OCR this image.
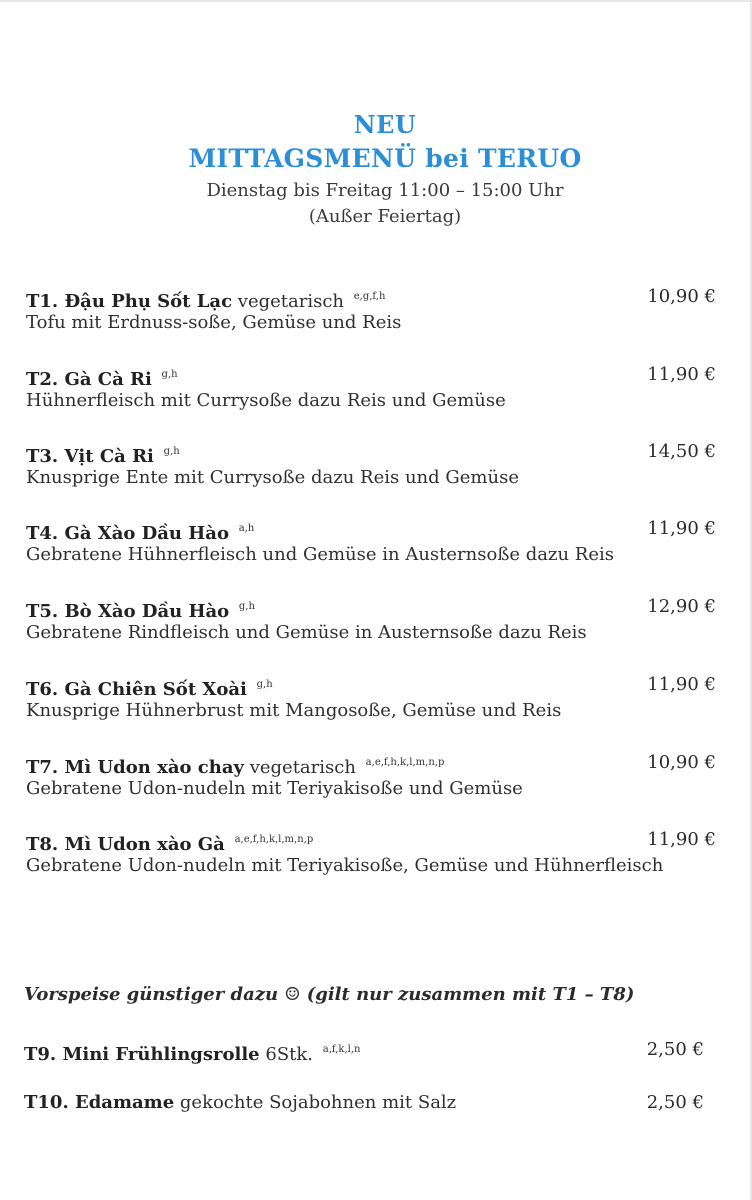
NEU
MITTAGSMENÜ bei TERUO
Dienstag bis Freitag 11:00 – 15:00 Uhr
(Außer Feiertag)
T1. Đậu Phụ Sốt Lạc vegetarisch $^{e,g,f,h}$	10,90 €
Tofu mit Erdnuss-soße, Gemüse und Reis
T2. Gà Cà Ri $^{g,h}$	11,90 €
Hühnerfleisch mit Currysoße dazu Reis und Gemüse
T3. Vịt Cà Ri $^{g,h}$	14,50 €
Knusprige Ente mit Currysoße dazu Reis und Gemüse
T4. Gà Xào Dầu Hào $^{a,h}$	11,90 €
Gebratene Hühnerfleisch und Gemüse in Austernsoße dazu Reis
T5. Bò Xào Dầu Hào $^{g,h}$	12,90 €
Gebratene Rindfleisch und Gemüse in Austernsoße dazu Reis
T6. Gà Chiên Sốt Xoài $^{g,h}$	11,90 €
Knusprige Hühnerbrust mit Mangosoße, Gemüse und Reis
T7. Mì Udon xào chay vegetarisch $^{a,e,f,h,k,l,m,n,p}$	10,90 €
Gebratene Udon-nudeln mit Teriyakisoße und Gemüse
T8. Mì Udon xào Gà $^{a,e,f,h,k,l,m,n,p}$	11,90 €
Gebratene Udon-nudeln mit Teriyakisoße, Gemüse und Hühnerfleisch
Vorspeise günstiger dazu ☺ (gilt nur zusammen mit T1 – T8)
T9. Mini Frühlingsrolle 6Stk. $^{a,f,k,l,n}$	2,50 €
T10. Edamame gekochte Sojabohnen mit Salz	2,50 €
